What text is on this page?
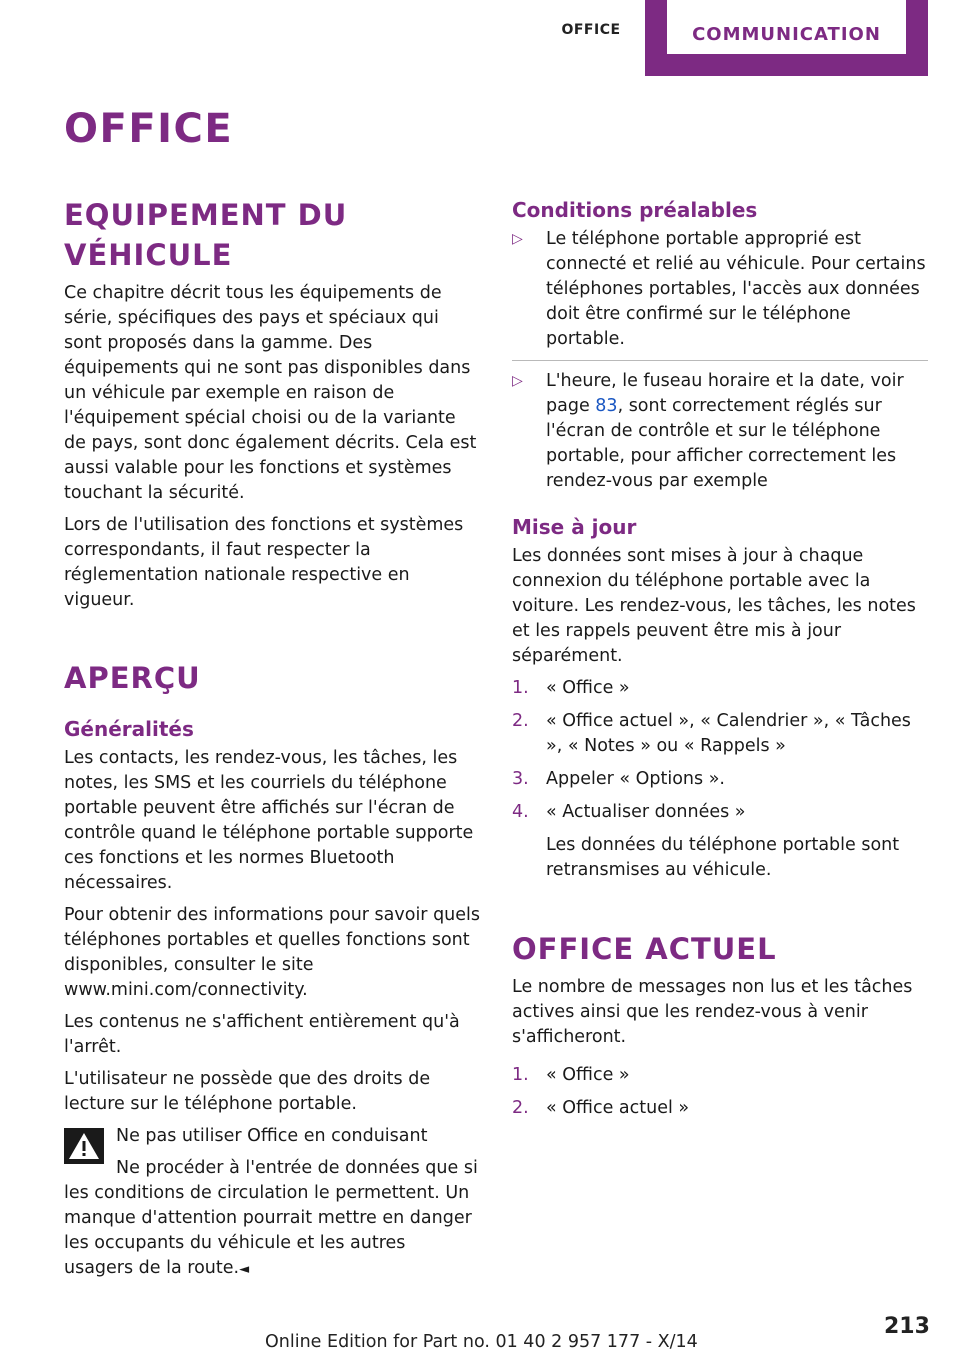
OFFICE	COMMUNICATION
OFFICE
EQUIPEMENT DU VÉHICULE

Ce chapitre décrit tous les équipements de série, spécifiques des pays et spéciaux qui sont proposés dans la gamme. Des équipements qui ne sont pas disponibles dans un véhicule par exemple en raison de l'équipement spécial choisi ou de la variante de pays, sont donc également décrits. Cela est aussi valable pour les fonctions et systèmes touchant la sécurité.

Lors de l'utilisation des fonctions et systèmes correspondants, il faut respecter la réglementation nationale respective en vigueur.

APERÇU
Généralités

Les contacts, les rendez-vous, les tâches, les notes, les SMS et les courriels du téléphone portable peuvent être affichés sur l'écran de contrôle quand le téléphone portable supporte ces fonctions et les normes Bluetooth nécessaires.

Pour obtenir des informations pour savoir quels téléphones portables et quelles fonctions sont disponibles, consulter le site www.mini.com/connectivity.

Les contenus ne s'affichent entièrement qu'à l'arrêt.

L'utilisateur ne possède que des droits de lecture sur le téléphone portable.

Ne pas utiliser Office en conduisant

Ne procéder à l'entrée de données que si les conditions de circulation le permettent. Un manque d'attention pourrait mettre en danger les occupants du véhicule et les autres usagers de la route.◄

Conditions préalables
▷ Le téléphone portable approprié est connecté et relié au véhicule. Pour certains téléphones portables, l'accès aux données doit être confirmé sur le téléphone portable.
▷ L'heure, le fuseau horaire et la date, voir page 83, sont correctement réglés sur l'écran de contrôle et sur le téléphone portable, pour afficher correctement les rendez-vous par exemple
Mise à jour

Les données sont mises à jour à chaque connexion du téléphone portable avec la voiture. Les rendez-vous, les tâches, les notes et les rappels peuvent être mis à jour séparément.

1. « Office »
2. « Office actuel », « Calendrier », « Tâches », « Notes » ou « Rappels »
3. Appeler « Options ».
4. « Actualiser données »
Les données du téléphone portable sont retransmises au véhicule.
OFFICE ACTUEL

Le nombre de messages non lus et les tâches actives ainsi que les rendez-vous à venir s'afficheront.

1. « Office »
2. « Office actuel »
213
Online Edition for Part no. 01 40 2 957 177 - X/14
